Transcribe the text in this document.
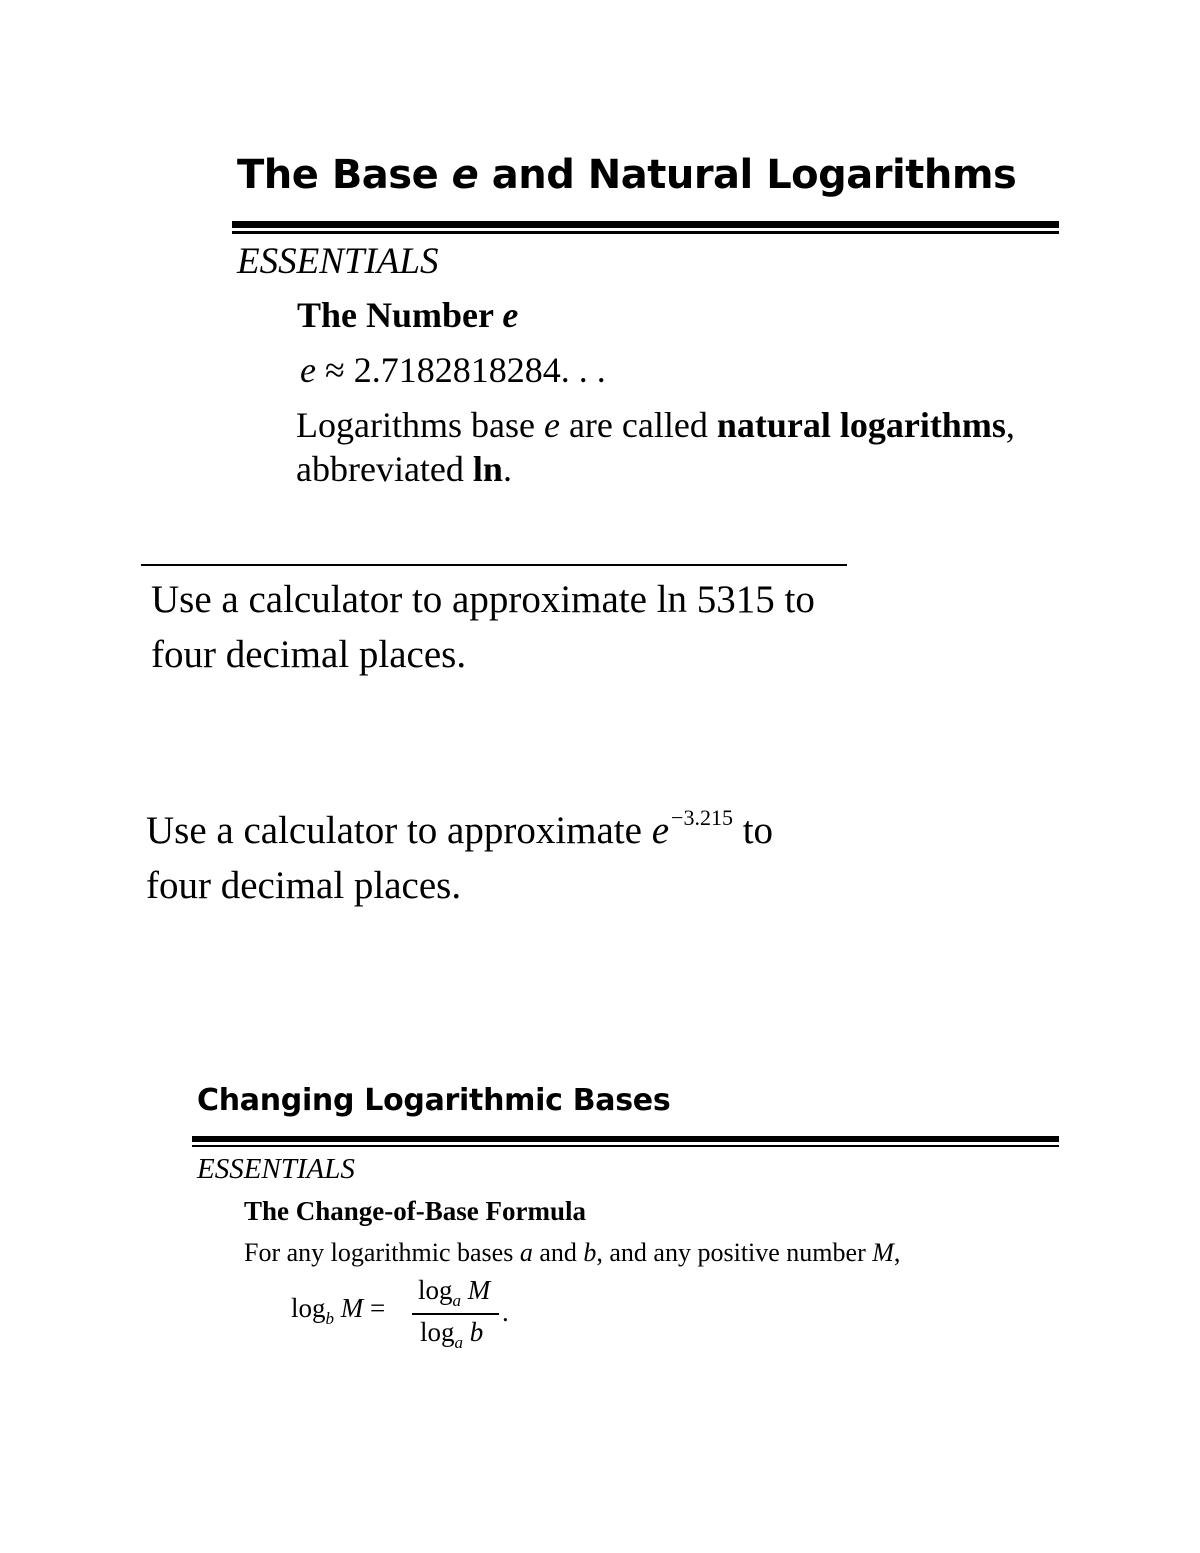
The Base e and Natural Logarithms
ESSENTIALS
The Number e
e ≈ 2.7182818284. . .
Logarithms base e are called natural logarithms,
abbreviated ln.
Use a calculator to approximate ln 5315 to
four decimal places.
Use a calculator to approximate $e^{-3.215}$ to
four decimal places.
Changing Logarithmic Bases
ESSENTIALS
The Change-of-Base Formula
For any logarithmic bases a and b, and any positive number M,
$\log_b M$ =
$\log_a M$
$\log_a b$
.
